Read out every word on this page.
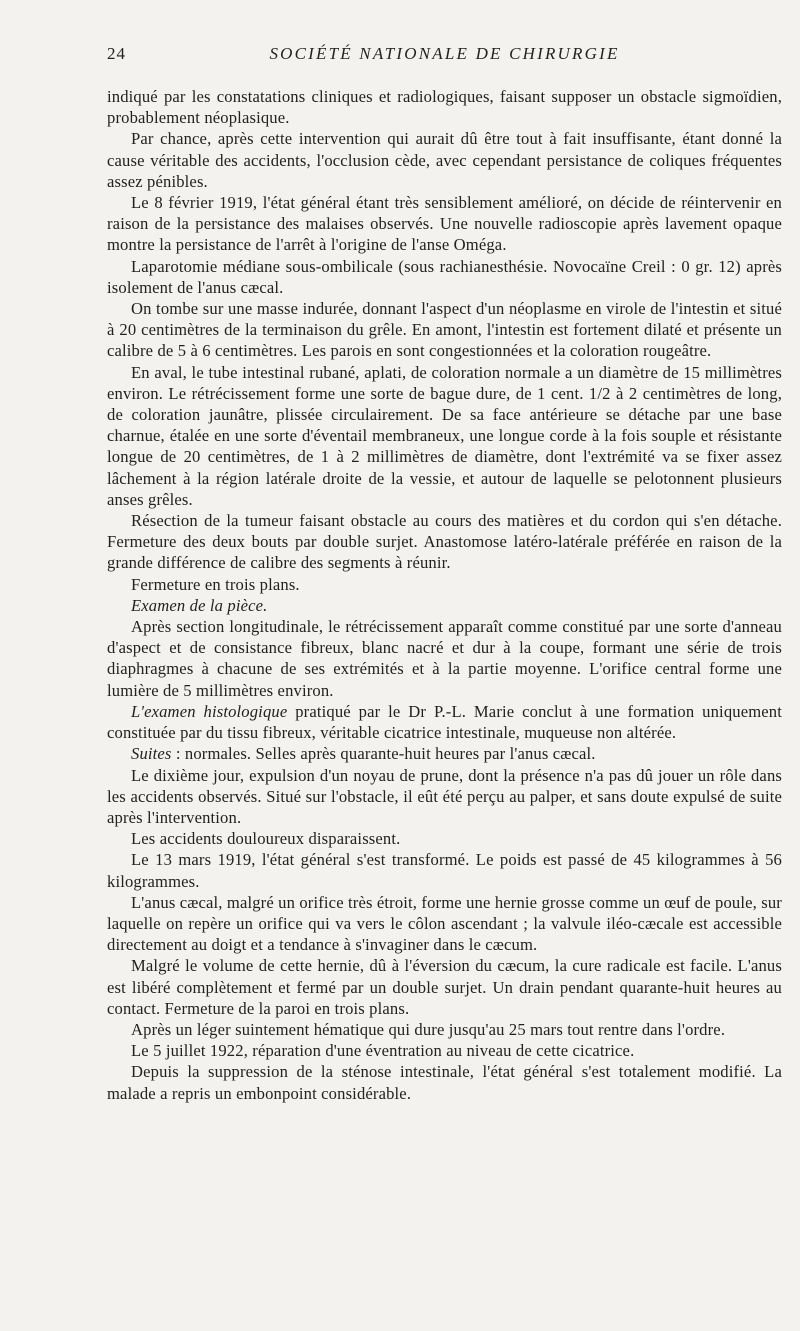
24	SOCIÉTÉ NATIONALE DE CHIRURGIE

indiqué par les constatations cliniques et radiologiques, faisant supposer un obstacle sigmoïdien, probablement néoplasique.

Par chance, après cette intervention qui aurait dû être tout à fait insuffisante, étant donné la cause véritable des accidents, l'occlusion cède, avec cependant persistance de coliques fréquentes assez pénibles.

Le 8 février 1919, l'état général étant très sensiblement amélioré, on décide de réintervenir en raison de la persistance des malaises observés. Une nouvelle radioscopie après lavement opaque montre la persistance de l'arrêt à l'origine de l'anse Oméga.

Laparotomie médiane sous-ombilicale (sous rachianesthésie. Novocaïne Creil : 0 gr. 12) après isolement de l'anus cæcal.

On tombe sur une masse indurée, donnant l'aspect d'un néoplasme en virole de l'intestin et situé à 20 centimètres de la terminaison du grêle. En amont, l'intestin est fortement dilaté et présente un calibre de 5 à 6 centimètres. Les parois en sont congestionnées et la coloration rougeâtre.

En aval, le tube intestinal rubané, aplati, de coloration normale a un diamètre de 15 millimètres environ. Le rétrécissement forme une sorte de bague dure, de 1 cent. 1/2 à 2 centimètres de long, de coloration jaunâtre, plissée circulairement. De sa face antérieure se détache par une base charnue, étalée en une sorte d'éventail membraneux, une longue corde à la fois souple et résistante longue de 20 centimètres, de 1 à 2 millimètres de diamètre, dont l'extrémité va se fixer assez lâchement à la région latérale droite de la vessie, et autour de laquelle se pelotonnent plusieurs anses grêles.

Résection de la tumeur faisant obstacle au cours des matières et du cordon qui s'en détache. Fermeture des deux bouts par double surjet. Anastomose latéro-latérale préférée en raison de la grande différence de calibre des segments à réunir.

Fermeture en trois plans.

Examen de la pièce.

Après section longitudinale, le rétrécissement apparaît comme constitué par une sorte d'anneau d'aspect et de consistance fibreux, blanc nacré et dur à la coupe, formant une série de trois diaphragmes à chacune de ses extrémités et à la partie moyenne. L'orifice central forme une lumière de 5 millimètres environ.

L'examen histologique pratiqué par le Dr P.-L. Marie conclut à une formation uniquement constituée par du tissu fibreux, véritable cicatrice intestinale, muqueuse non altérée.

Suites : normales. Selles après quarante-huit heures par l'anus cæcal.

Le dixième jour, expulsion d'un noyau de prune, dont la présence n'a pas dû jouer un rôle dans les accidents observés. Situé sur l'obstacle, il eût été perçu au palper, et sans doute expulsé de suite après l'intervention.

Les accidents douloureux disparaissent.

Le 13 mars 1919, l'état général s'est transformé. Le poids est passé de 45 kilogrammes à 56 kilogrammes.

L'anus cæcal, malgré un orifice très étroit, forme une hernie grosse comme un œuf de poule, sur laquelle on repère un orifice qui va vers le côlon ascendant ; la valvule iléo-cæcale est accessible directement au doigt et a tendance à s'invaginer dans le cæcum.

Malgré le volume de cette hernie, dû à l'éversion du cæcum, la cure radicale est facile. L'anus est libéré complètement et fermé par un double surjet. Un drain pendant quarante-huit heures au contact. Fermeture de la paroi en trois plans.

Après un léger suintement hématique qui dure jusqu'au 25 mars tout rentre dans l'ordre.

Le 5 juillet 1922, réparation d'une éventration au niveau de cette cicatrice.

Depuis la suppression de la sténose intestinale, l'état général s'est totalement modifié. La malade a repris un embonpoint considérable.
